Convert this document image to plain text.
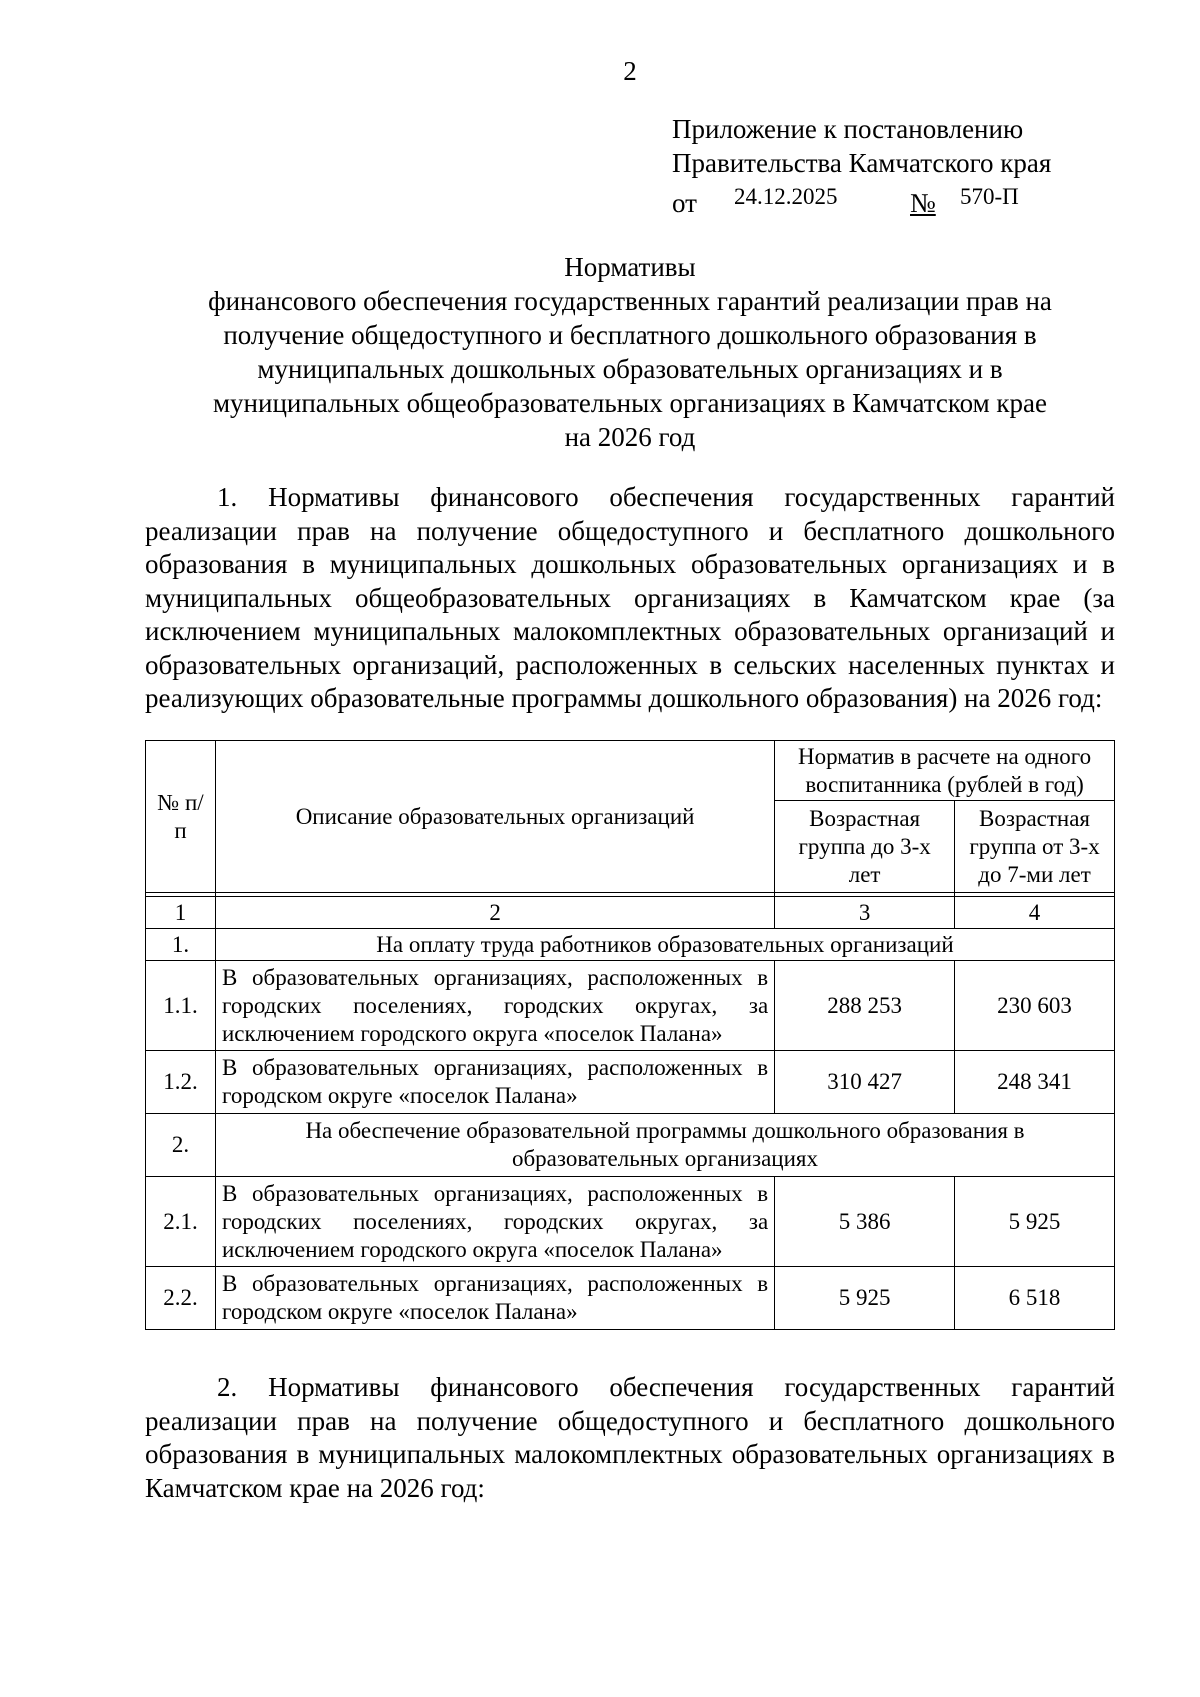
2
Приложение к постановлению
Правительства Камчатского края
от 24.12.2025	№ 570-П
Нормативы
финансового обеспечения государственных гарантий реализации прав на
получение общедоступного и бесплатного дошкольного образования в
муниципальных дошкольных образовательных организациях и в
муниципальных общеобразовательных организациях в Камчатском крае
на 2026 год
1. Нормативы финансового обеспечения государственных гарантий реализации прав на получение общедоступного и бесплатного дошкольного образования в муниципальных дошкольных образовательных организациях и в муниципальных общеобразовательных организациях в Камчатском крае (за исключением муниципальных малокомплектных образовательных организаций и образовательных организаций, расположенных в сельских населенных пунктах и реализующих образовательные программы дошкольного образования) на 2026 год:
№ п/п	Описание образовательных организаций	Норматив в расчете на одного воспитанника (рублей в год)	
		Возрастная группа до 3-х лет	Возрастная группа от 3-х до 7-ми лет

1	2	3	4
1.	На оплату труда работников образовательных организаций		
1.1.	В образовательных организациях, расположенных в городских поселениях, городских округах, за исключением городского округа «поселок Палана»	288 253	230 603
1.2.	В образовательных организациях, расположенных в городском округе «поселок Палана»	310 427	248 341
2.	На обеспечение образовательной программы дошкольного образования в образовательных организациях		
2.1.	В образовательных организациях, расположенных в городских поселениях, городских округах, за исключением городского округа «поселок Палана»	5 386	5 925
2.2.	В образовательных организациях, расположенных в городском округе «поселок Палана»	5 925	6 518
2. Нормативы финансового обеспечения государственных гарантий реализации прав на получение общедоступного и бесплатного дошкольного образования в муниципальных малокомплектных образовательных организациях в Камчатском крае на 2026 год:
